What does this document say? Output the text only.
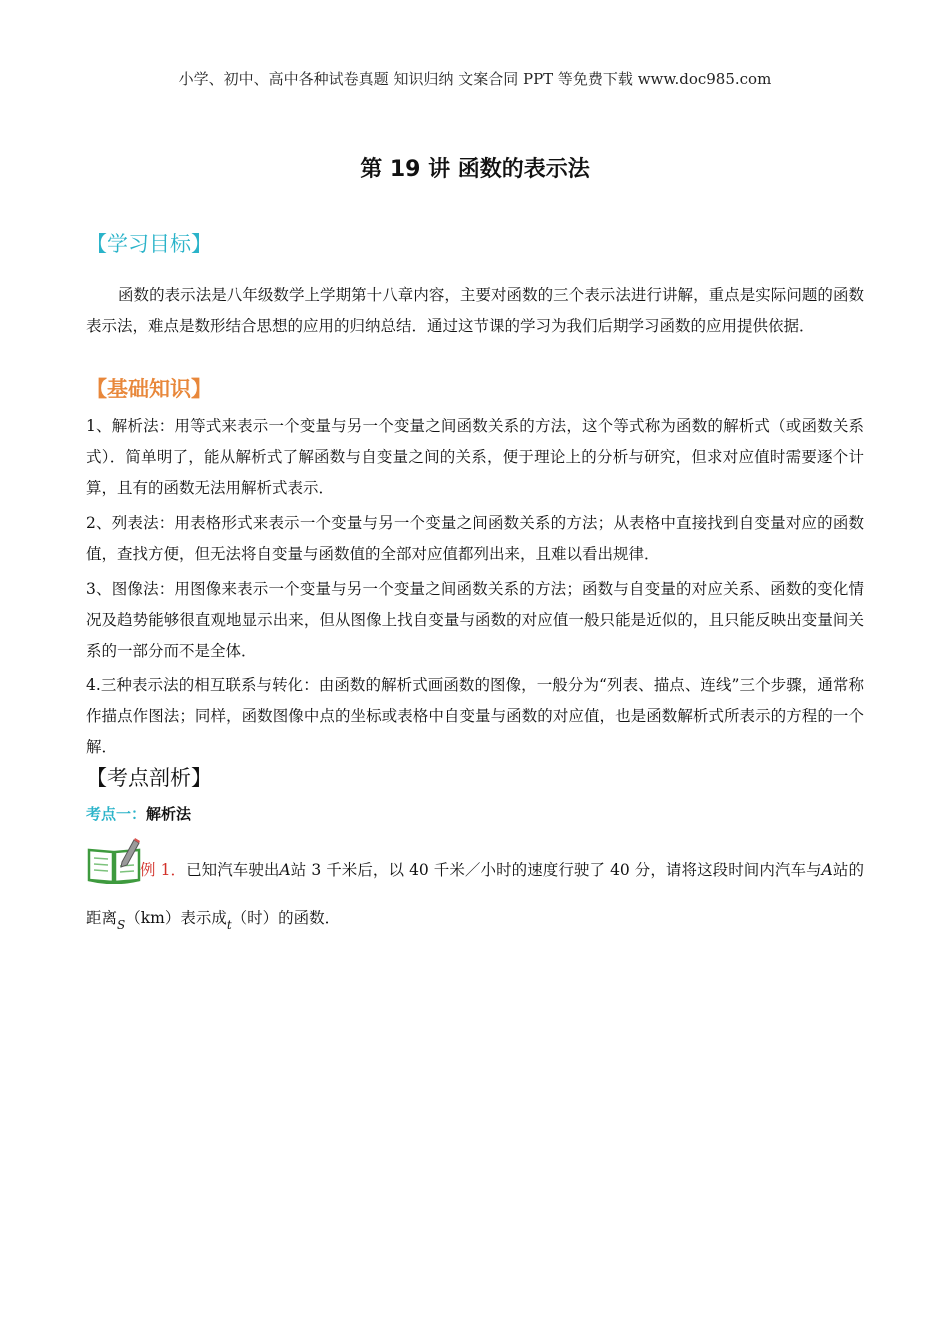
小学、初中、高中各种试卷真题 知识归纳 文案合同 PPT 等免费下载 www.doc985.com
第 19 讲 函数的表示法
【学习目标】
函数的表示法是八年级数学上学期第十八章内容，主要对函数的三个表示法进行讲解，重点是实际问题的函数表示法，难点是数形结合思想的应用的归纳总结．通过这节课的学习为我们后期学习函数的应用提供依据．
【基础知识】
1、解析法：用等式来表示一个变量与另一个变量之间函数关系的方法，这个等式称为函数的解析式（或函数关系式）．简单明了，能从解析式了解函数与自变量之间的关系，便于理论上的分析与研究，但求对应值时需要逐个计算，且有的函数无法用解析式表示．
2、列表法：用表格形式来表示一个变量与另一个变量之间函数关系的方法；从表格中直接找到自变量对应的函数值，查找方便，但无法将自变量与函数值的全部对应值都列出来，且难以看出规律．
3、图像法：用图像来表示一个变量与另一个变量之间函数关系的方法；函数与自变量的对应关系、函数的变化情况及趋势能够很直观地显示出来，但从图像上找自变量与函数的对应值一般只能是近似的，且只能反映出变量间关系的一部分而不是全体．
4.三种表示法的相互联系与转化：由函数的解析式画函数的图像，一般分为“列表、描点、连线”三个步骤，通常称作描点作图法；同样，函数图像中点的坐标或表格中自变量与函数的对应值，也是函数解析式所表示的方程的一个解．
【考点剖析】
考点一：解析法
例 1．已知汽车驶出A站 3 千米后，以 40 千米／小时的速度行驶了 40 分，请将这段时间内汽车与A站的距离$_S$（km）表示成$_t$（时）的函数．
